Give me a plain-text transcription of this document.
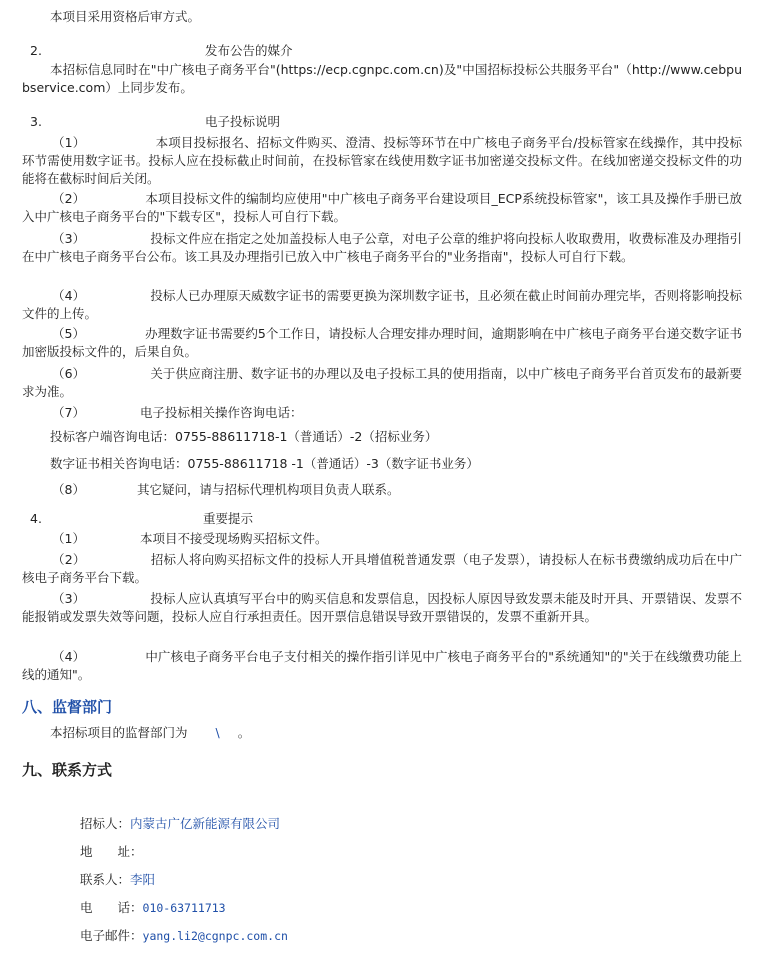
本项目采用资格后审方式。
2.	发布公告的媒介
本招标信息同时在"中广核电子商务平台"(https://ecp.cgnpc.com.cn)及"中国招标投标公共服务平台"（http://www.cebpubservice.com）上同步发布。
3.	电子投标说明
（1）	本项目投标报名、招标文件购买、澄清、投标等环节在中广核电子商务平台/投标管家在线操作，其中投标环节需使用数字证书。投标人应在投标截止时间前，在投标管家在线使用数字证书加密递交投标文件。在线加密递交投标文件的功能将在截标时间后关闭。
（2）	本项目投标文件的编制均应使用"中广核电子商务平台建设项目_ECP系统投标管家"，该工具及操作手册已放入中广核电子商务平台的"下载专区"，投标人可自行下载。
（3）	投标文件应在指定之处加盖投标人电子公章，对电子公章的维护将向投标人收取费用，收费标准及办理指引在中广核电子商务平台公布。该工具及办理指引已放入中广核电子商务平台的"业务指南"，投标人可自行下载。
（4）	投标人已办理原天威数字证书的需要更换为深圳数字证书，且必须在截止时间前办理完毕，否则将影响投标文件的上传。
（5）	办理数字证书需要约5个工作日，请投标人合理安排办理时间，逾期影响在中广核电子商务平台递交数字证书加密版投标文件的，后果自负。
（6）	关于供应商注册、数字证书的办理以及电子投标工具的使用指南，以中广核电子商务平台首页发布的最新要求为准。
（7）	电子投标相关操作咨询电话：
投标客户端咨询电话：0755-88611718-1（普通话）-2（招标业务）
数字证书相关咨询电话：0755-88611718 -1（普通话）-3（数字证书业务）
（8）	其它疑问，请与招标代理机构项目负责人联系。
4.	重要提示
（1）	本项目不接受现场购买招标文件。
（2）	招标人将向购买招标文件的投标人开具增值税普通发票（电子发票），请投标人在标书费缴纳成功后在中广核电子商务平台下载。
（3）	投标人应认真填写平台中的购买信息和发票信息，因投标人原因导致发票未能及时开具、开票错误、发票不能报销或发票失效等问题，投标人应自行承担责任。因开票信息错误导致开票错误的，发票不重新开具。
（4）	中广核电子商务平台电子支付相关的操作指引详见中广核电子商务平台的"系统通知"的"关于在线缴费功能上线的通知"。
八、监督部门
本招标项目的监督部门为 \ 。
九、联系方式
招标人：内蒙古广亿新能源有限公司
地　　址：
联系人：李阳
电　　话：010-63711713
电子邮件：yang.li2@cgnpc.com.cn
